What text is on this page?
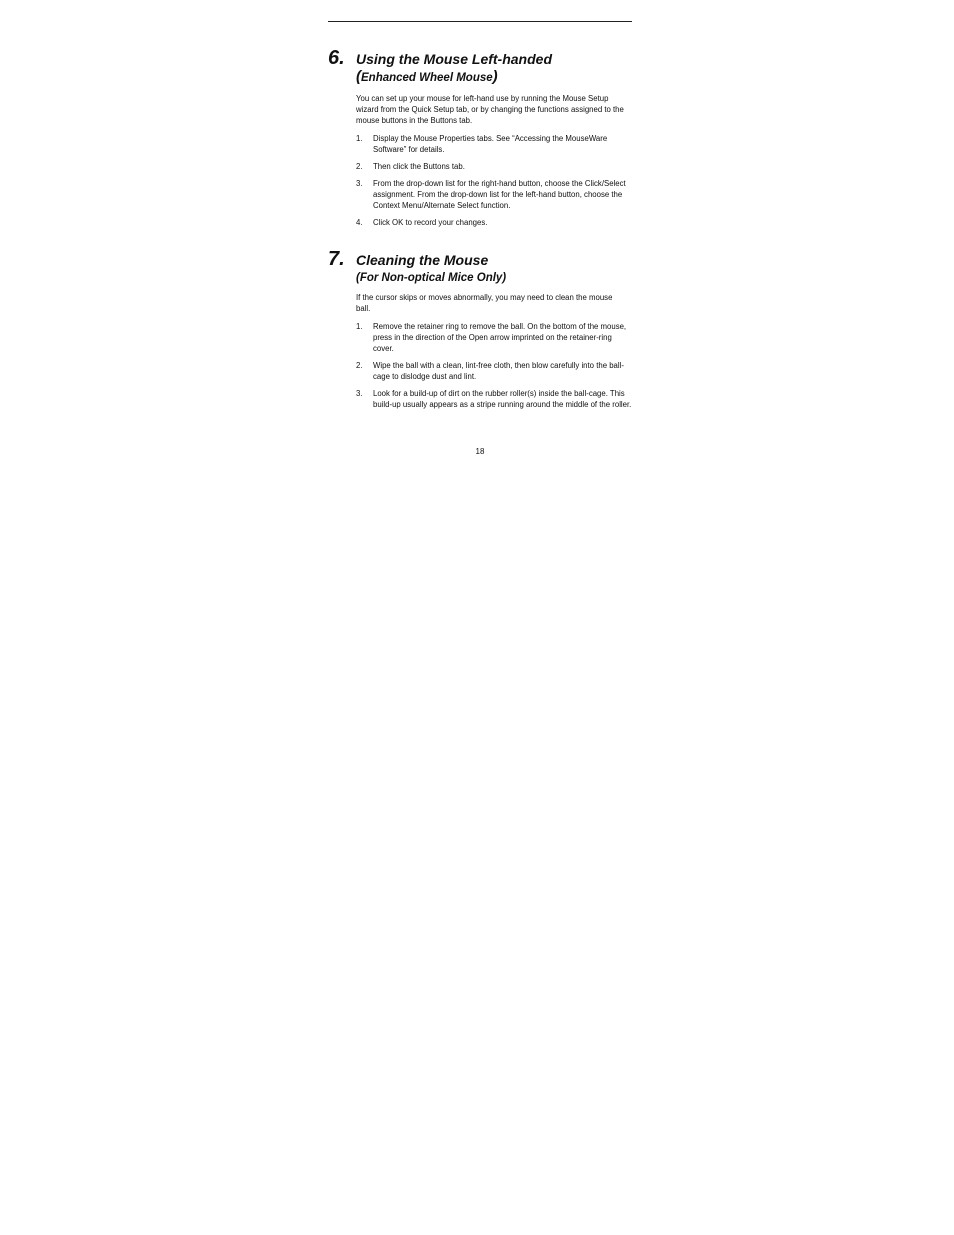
6. Using the Mouse Left-handed
(Enhanced Wheel Mouse)
You can set up your mouse for left-hand use by running the Mouse Setup wizard from the Quick Setup tab, or by changing the functions assigned to the mouse buttons in the Buttons tab.
1. Display the Mouse Properties tabs. See “Accessing the MouseWare Software” for details.
2. Then click the Buttons tab.
3. From the drop-down list for the right-hand button, choose the Click/Select assignment. From the drop-down list for the left-hand button, choose the Context Menu/Alternate Select function.
4. Click OK to record your changes.
7. Cleaning the Mouse
(For Non-optical Mice Only)
If the cursor skips or moves abnormally, you may need to clean the mouse ball.
1. Remove the retainer ring to remove the ball. On the bottom of the mouse, press in the direction of the Open arrow imprinted on the retainer-ring cover.
2. Wipe the ball with a clean, lint-free cloth, then blow carefully into the ball-cage to dislodge dust and lint.
3. Look for a build-up of dirt on the rubber roller(s) inside the ball-cage. This build-up usually appears as a stripe running around the middle of the roller.
18
